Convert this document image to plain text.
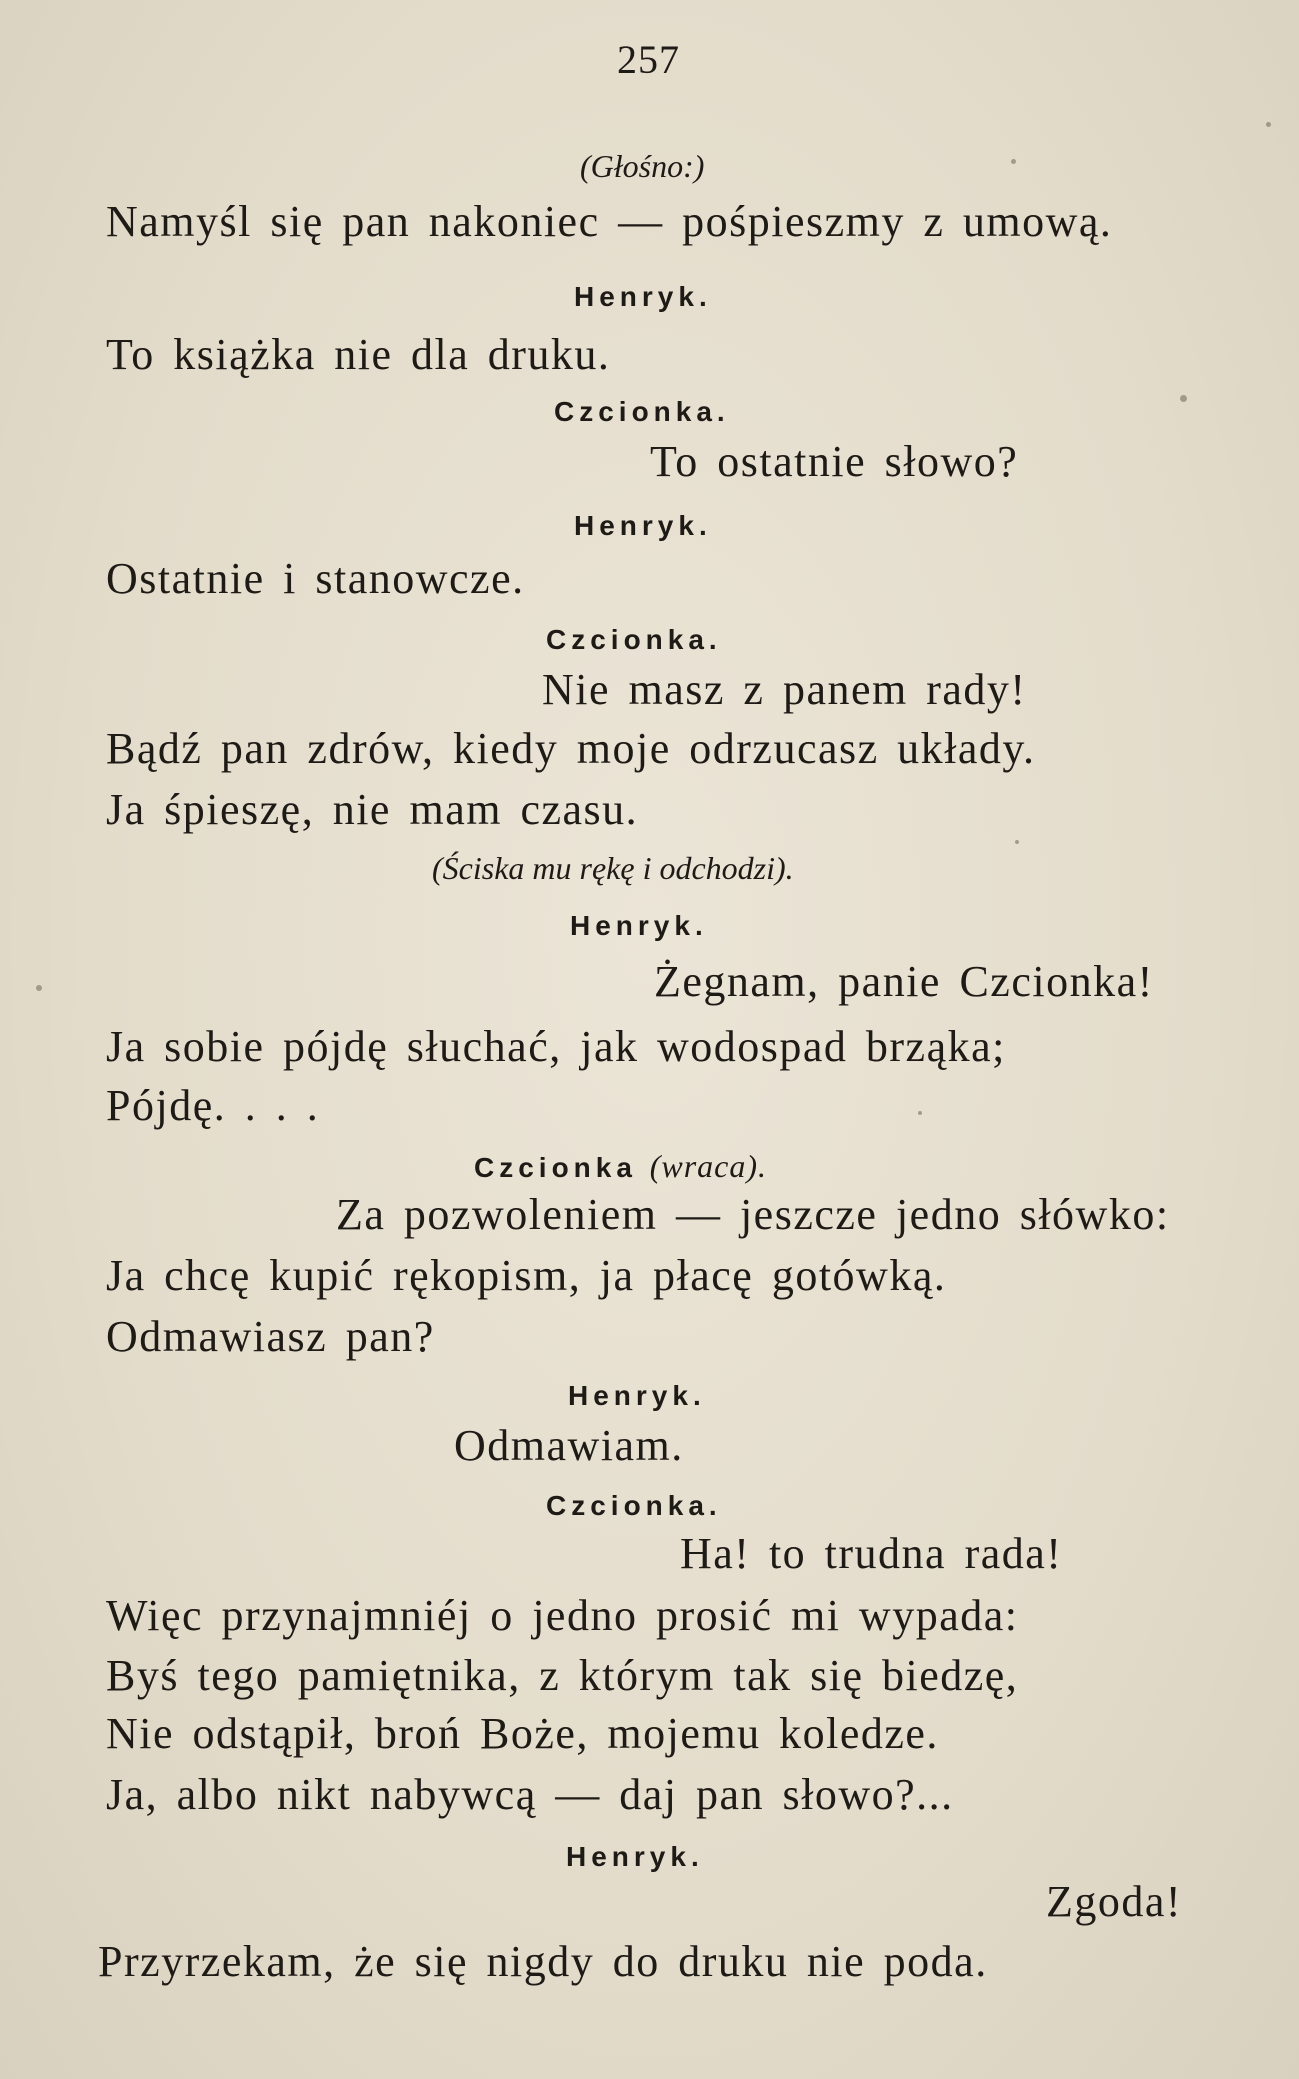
257
(Głośno:)
Namyśl się pan nakoniec — pośpieszmy z umową.
Henryk.
To książka nie dla druku.
Czcionka.
To ostatnie słowo?
Henryk.
Ostatnie i stanowcze.
Czcionka.
Nie masz z panem rady!
Bądź pan zdrów, kiedy moje odrzucasz układy.
Ja śpieszę, nie mam czasu.
(Ściska mu rękę i odchodzi).
Henryk.
Żegnam, panie Czcionka!
Ja sobie pójdę słuchać, jak wodospad brząka;
Pójdę. . . .
Czcionka (wraca).
Za pozwoleniem — jeszcze jedno słówko:
Ja chcę kupić rękopism, ja płacę gotówką.
Odmawiasz pan?
Henryk.
Odmawiam.
Czcionka.
Ha! to trudna rada!
Więc przynajmniéj o jedno prosić mi wypada:
Byś tego pamiętnika, z którym tak się biedzę,
Nie odstąpił, broń Boże, mojemu koledze.
Ja, albo nikt nabywcą — daj pan słowo?...
Henryk.
Zgoda!
Przyrzekam, że się nigdy do druku nie poda.
